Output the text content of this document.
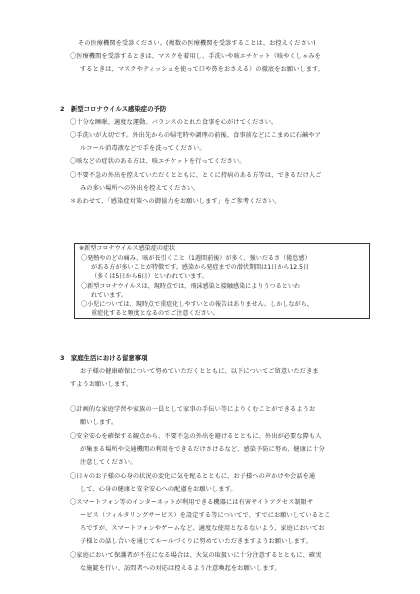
その医療機関を受診ください。(複数の医療機関を受診することは、お控えください)

〇医療機関を受診するときは、マスクを着用し、手洗いや咳エチケット（咳やくしゃみを

するときは、マスクやティッシュを使って口や鼻をおさえる）の徹底をお願いします。

2　新型コロナウイルス感染症の予防

〇十分な睡眠、適度な運動、バランスのとれた食事を心がけてください。

〇手洗いが大切です。外出先からの帰宅時や調理の前後、食事前などにこまめに石鹸やア

ルコール消毒液などで手を洗ってください。

〇咳などの症状のある方は、咳エチケットを行ってください。

〇不要不急の外出を控えていただくとともに、とくに持病のある方等は、できるだけ人ご

みの多い場所への外出を控えてください。

＊あわせて、「感染症対策への御協力をお願いします」をご参考ください。

※新型コロナウイルス感染症の症状

〇発熱やのどの痛み、咳が長引くこと（1週間前後）が多く、強いだるさ（倦怠感）

がある方が多いことが特徴です。感染から発症までの潜伏期間は1日から12.5日

（多くは5日から6日）といわれています。

〇新型コロナウイルスは、現時点では、飛沫感染と接触感染によりうつるといわ

れています。

〇小児については、現時点で重症化しやすいとの報告はありません。しかしながら、

重症化すると頻度となるのでご注意ください。

3　家庭生活における留意事項

お子様の健康確保について努めていただくとともに、以下についてご留意いただきま

すようお願いします。

〇計画的な家庭学習や家族の一員として家事の手伝い等によりくむことができるようお

願いします。

〇安全安心を確保する観点から、不要不急の外出を避けるとともに、外出が必要な際も人

が集まる場所や交通機関の利用をできるだけさけるなど、感染予防に努め、健康に十分

注意してください。

〇日々のお子様の心身の状況の変化に気を配るとともに、お子様への声かけや会話を通

して、心身の健康と安全安心への配慮をお願いします。

〇スマートフォン等のインターネットが利用できる機器には有害サイトアクセス制限サ

ービス（フィルタリングサービス）を設定する等についてで、すでにお願いしているとこ

ろですが、スマートフォンやゲームなど、適度な使用となるないよう、家庭においてお

子様との話し合いを通じてルールづくりに努めていただきますようお願いします。

〇家庭において保護者が不在になる場合は、火気の取扱いに十分注意するとともに、確実

な施錠を行い、訪問者への対応は控えるよう注意喚起をお願いします。
